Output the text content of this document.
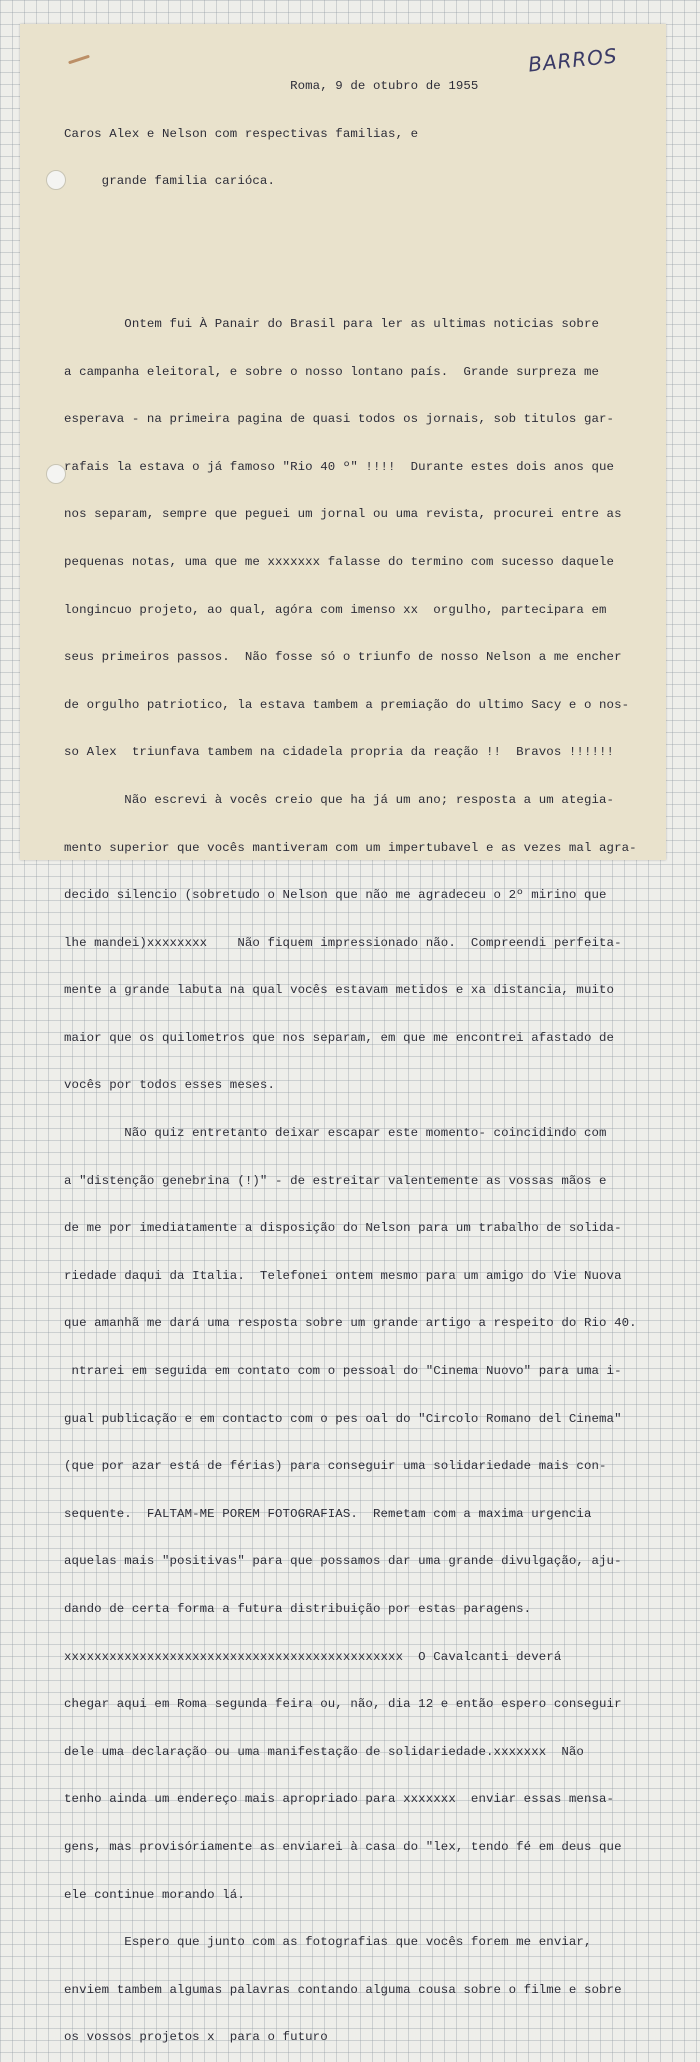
BARROS

Roma, 9 de otubro de 1955

Caros Alex e Nelson com respectivas familias, e

grande familia carióca.

Ontem fui À Panair do Brasil para ler as ultimas noticias sobre

a campanha eleitoral, e sobre o nosso lontano país.  Grande surpreza me

esperava - na primeira pagina de quasi todos os jornais, sob titulos gar-

rafais la estava o já famoso "Rio 40 º" !!!!  Durante estes dois anos que

nos separam, sempre que peguei um jornal ou uma revista, procurei entre as

pequenas notas, uma que me xxxxxxx falasse do termino com sucesso daquele

longincuo projeto, ao qual, agóra com imenso xx  orgulho, partecipara em

seus primeiros passos.  Não fosse só o triunfo de nosso Nelson a me encher

de orgulho patriotico, la estava tambem a premiação do ultimo Sacy e o nos-

so Alex  triunfava tambem na cidadela propria da reação !!  Bravos !!!!!!

Não escrevi à vocês creio que ha já um ano; resposta a um ategia-

mento superior que vocês mantiveram com um impertubavel e as vezes mal agra-

decido silencio (sobretudo o Nelson que não me agradeceu o 2º mirino que

lhe mandei)xxxxxxxx    Não fiquem impressionado não.  Compreendi perfeita-

mente a grande labuta na qual vocês estavam metidos e xa distancia, muito

maior que os quilometros que nos separam, em que me encontrei afastado de

vocês por todos esses meses.

Não quiz entretanto deixar escapar este momento- coincidindo com

a "distenção genebrina (!)" - de estreitar valentemente as vossas mãos e

de me por imediatamente a disposição do Nelson para um trabalho de solida-

riedade daqui da Italia.  Telefonei ontem mesmo para um amigo do Vie Nuova

que amanhã me dará uma resposta sobre um grande artigo a respeito do Rio 40.

ntrarei em seguida em contato com o pessoal do "Cinema Nuovo" para uma i-

gual publicação e em contacto com o pes oal do "Circolo Romano del Cinema"

(que por azar está de férias) para conseguir uma solidariedade mais con-

sequente.  FALTAM-ME POREM FOTOGRAFIAS.  Remetam com a maxima urgencia

aquelas mais "positivas" para que possamos dar uma grande divulgação, aju-

dando de certa forma a futura distribuição por estas paragens.

xxxxxxxxxxxxxxxxxxxxxxxxxxxxxxxxxxxxxxxxxxxxx  O Cavalcanti deverá

chegar aqui em Roma segunda feira ou, não, dia 12 e então espero conseguir

dele uma declaração ou uma manifestação de solidariedade.xxxxxxx  Não

tenho ainda um endereço mais apropriado para xxxxxxx  enviar essas mensa-

gens, mas provisóriamente as enviarei à casa do "lex, tendo fé em deus que

ele continue morando lá.

Espero que junto com as fotografias que vocês forem me enviar,

enviem tambem algumas palavras contando alguma cousa sobre o filme e sobre

os vossos projetos x  para o futuro
